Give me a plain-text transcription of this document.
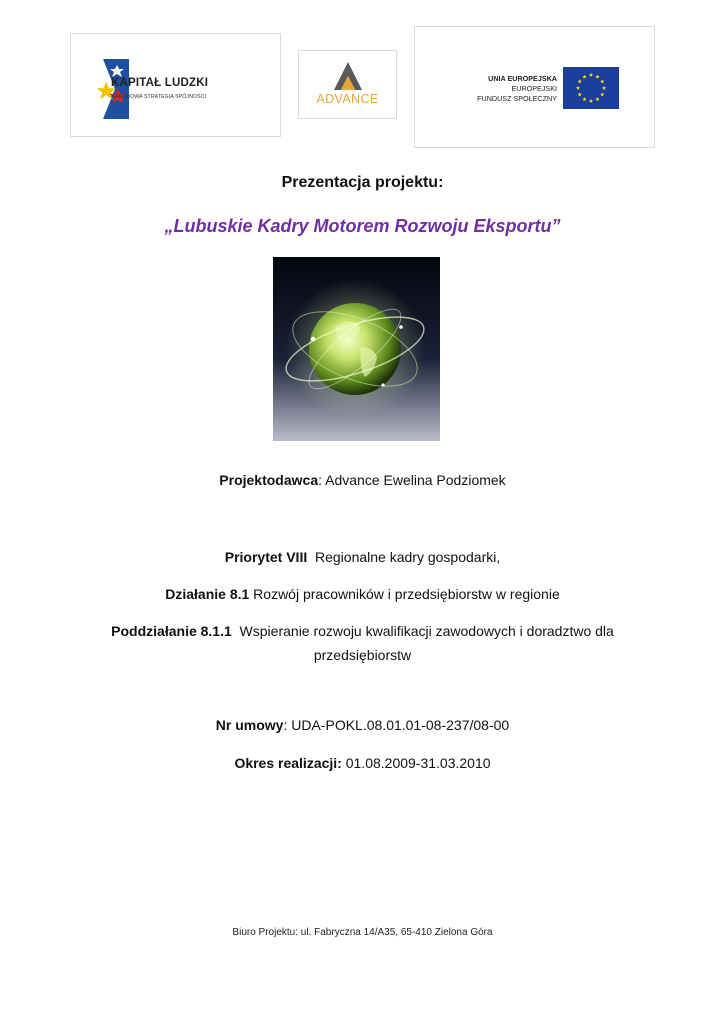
KAPITAŁ LUDZKI
NARODOWA STRATEGIA SPÓJNOŚCI	ADVANCE
UNIA EUROPEJSKA
EUROPEJSKI
FUNDUSZ SPOŁECZNY
Prezentacja projektu:
„Lubuskie Kadry Motorem Rozwoju Eksportu”
Projektodawca: Advance Ewelina Podziomek
Priorytet VIII  Regionalne kadry gospodarki,
Działanie 8.1 Rozwój pracowników i przedsiębiorstw w regionie
Poddziałanie 8.1.1  Wspieranie rozwoju kwalifikacji zawodowych i doradztwo dla
przedsiębiorstw
Nr umowy: UDA-POKL.08.01.01-08-237/08-00
Okres realizacji: 01.08.2009-31.03.2010
Biuro Projektu: ul. Fabryczna 14/A35, 65-410 Zielona Góra
